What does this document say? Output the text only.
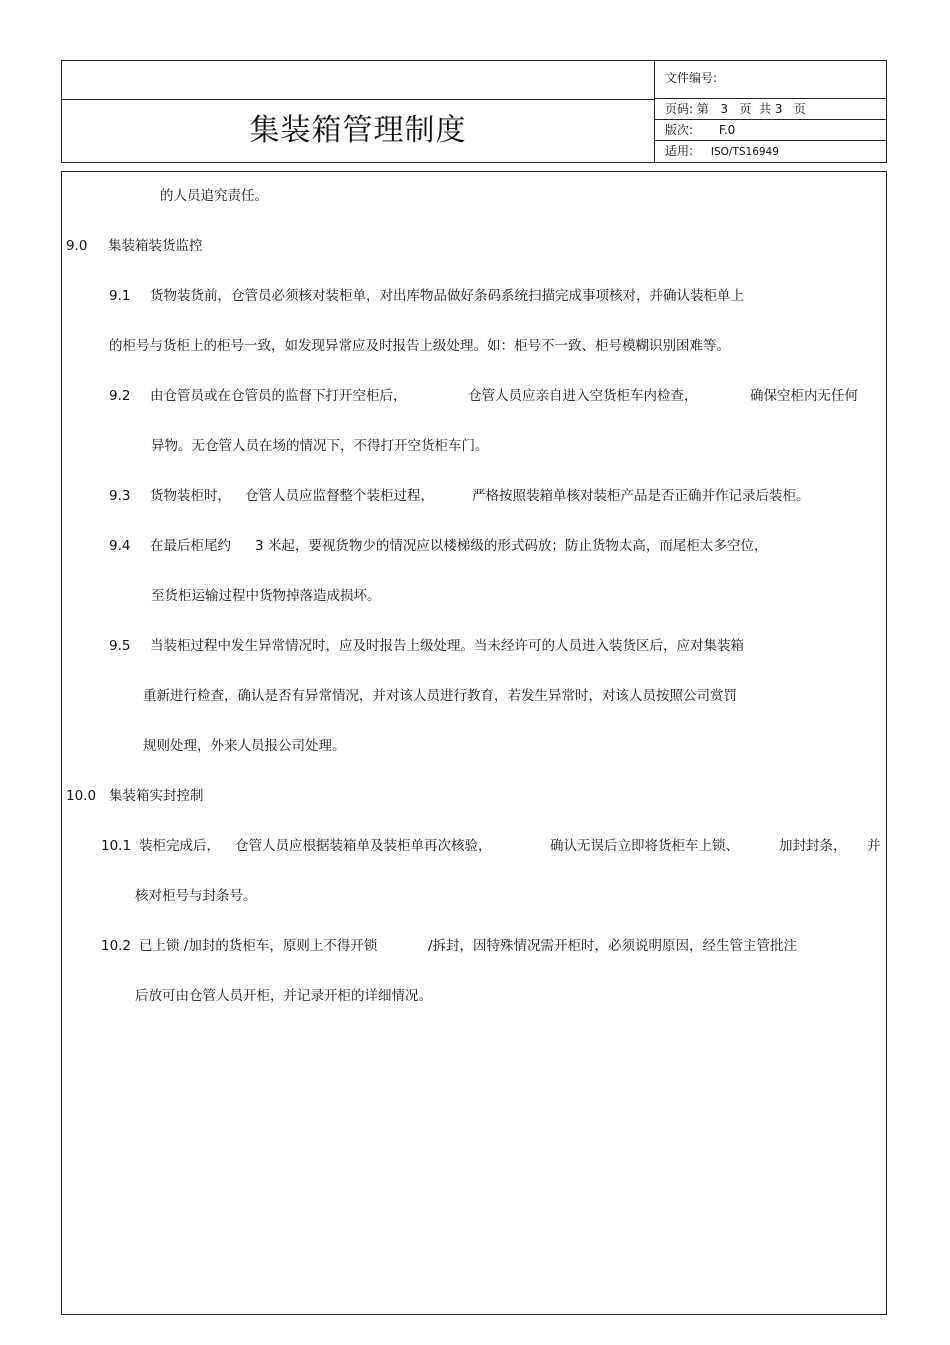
集装箱管理制度
文件编号:
页码: 第   3   页  共 3   页
版次: F.0
适用: ISO/TS16949
的人员追究责任。
9.0 集装箱装货监控
9.1 货物装货前，仓管员必须核对装柜单，对出库物品做好条码系统扫描完成事项核对，并确认装柜单上
的柜号与货柜上的柜号一致，如发现异常应及时报告上级处理。如：柜号不一致、柜号模糊识别困难等。
9.2 由仓管员或在仓管员的监督下打开空柜后，	仓管人员应亲自进入空货柜车内检查，	确保空柜内无任何
异物。无仓管人员在场的情况下，不得打开空货柜车门。
9.3 货物装柜时， 仓管人员应监督整个装柜过程，	严格按照装箱单核对装柜产品是否正确并作记录后装柜。
9.4 在最后柜尾约 3 米起，要视货物少的情况应以楼梯级的形式码放；防止货物太高，而尾柜太多空位，
至货柜运输过程中货物掉落造成损坏。
9.5 当装柜过程中发生异常情况时，应及时报告上级处理。当未经许可的人员进入装货区后，应对集装箱
重新进行检查，确认是否有异常情况，并对该人员进行教育，若发生异常时，对该人员按照公司赏罚
规则处理，外来人员报公司处理。
10.0 集装箱实封控制
10.1 装柜完成后， 仓管人员应根据装箱单及装柜单再次核验，	确认无误后立即将货柜车上锁、	加封封条， 并
核对柜号与封条号。
10.2 已上锁 /加封的货柜车，原则上不得开锁	/拆封，因特殊情况需开柜时，必须说明原因，经生管主管批注
后放可由仓管人员开柜，并记录开柜的详细情况。
